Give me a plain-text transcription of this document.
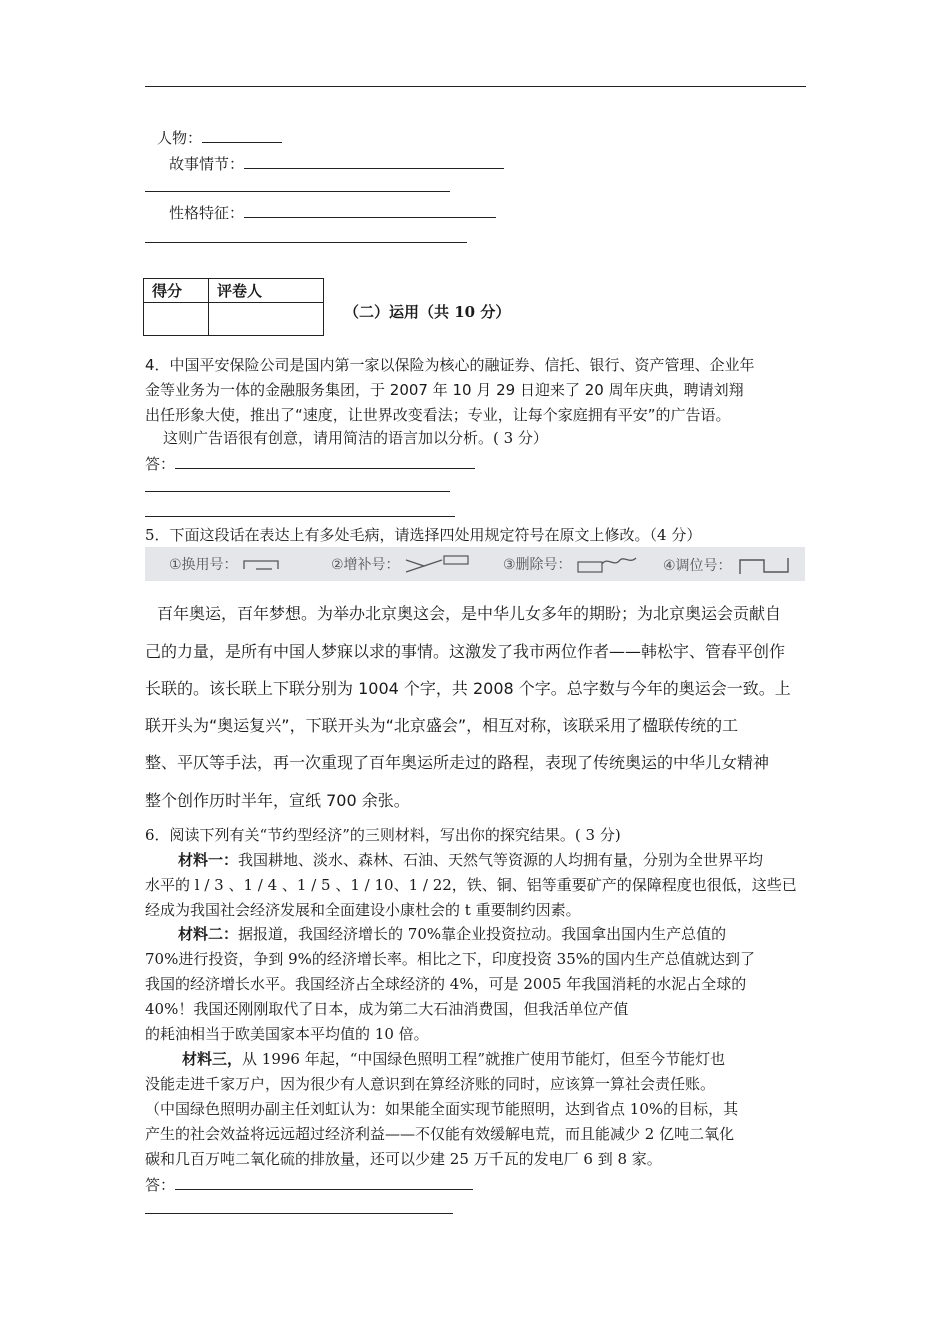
人物：
故事情节：
性格特征：
得分	评卷人

（二）运用（共 10 分）
4．中国平安保险公司是国内第一家以保险为核心的融证券、信托、银行、资产管理、企业年
金等业务为一体的金融服务集团，于 2007 年 10 月 29 日迎来了 20 周年庆典，聘请刘翔
出任形象大使，推出了“速度，让世界改变看法；专业，让每个家庭拥有平安”的广告语。
这则广告语很有创意，请用简洁的语言加以分析。( 3 分）
答：
5．下面这段话在表达上有多处毛病，请选择四处用规定符号在原文上修改。（4 分）
①换用号：	②增补号：	③删除号：	④调位号：
百年奥运，百年梦想。为举办北京奥这会，是中华儿女多年的期盼；为北京奥运会贡献自
己的力量，是所有中国人梦寐以求的事情。这激发了我市两位作者——韩松宇、管春平创作
长联的。该长联上下联分别为 1004 个字，共 2008 个字。总字数与今年的奥运会一致。上
联开头为“奥运复兴”，下联开头为“北京盛会”，相互对称，该联采用了楹联传统的工
整、平仄等手法，再一次重现了百年奥运所走过的路程，表现了传统奥运的中华儿女精神
整个创作历时半年，宣纸 700 余张。
6．阅读下列有关“节约型经济”的三则材料，写出你的探究结果。( 3 分)
材料一：我国耕地、淡水、森林、石油、天然气等资源的人均拥有量，分别为全世界平均
水平的 l / 3 、1 / 4 、1 / 5 、1 / 10、1 / 22，铁、铜、铝等重要矿产的保障程度也很低，这些已
经成为我国社会经济发展和全面建设小康杜会的 t 重要制约因素。
材料二：据报道，我国经济增长的 70%靠企业投资拉动。我国拿出国内生产总值的
70%进行投资，争到 9%的经济增长率。相比之下，印度投资 35%的国内生产总值就达到了
我国的经济增长水平。我国经济占全球经济的 4%，可是 2005 年我国消耗的水泥占全球的
40%！我国还刚刚取代了日本，成为第二大石油消费国，但我活单位产值
的耗油相当于欧美国家本平均值的 10 倍。
材料三，从 1996 年起，“中国绿色照明工程”就推广使用节能灯，但至今节能灯也
没能走进千家万户，因为很少有人意识到在算经济账的同时，应该算一算社会责任账。
（中国绿色照明办副主任刘虹认为：如果能全面实现节能照明，达到省点 10%的目标，其
产生的社会效益将远远超过经济利益——不仅能有效缓解电荒，而且能减少 2 亿吨二氧化
碳和几百万吨二氧化硫的排放量，还可以少建 25 万千瓦的发电厂 6 到 8 家。
答：
